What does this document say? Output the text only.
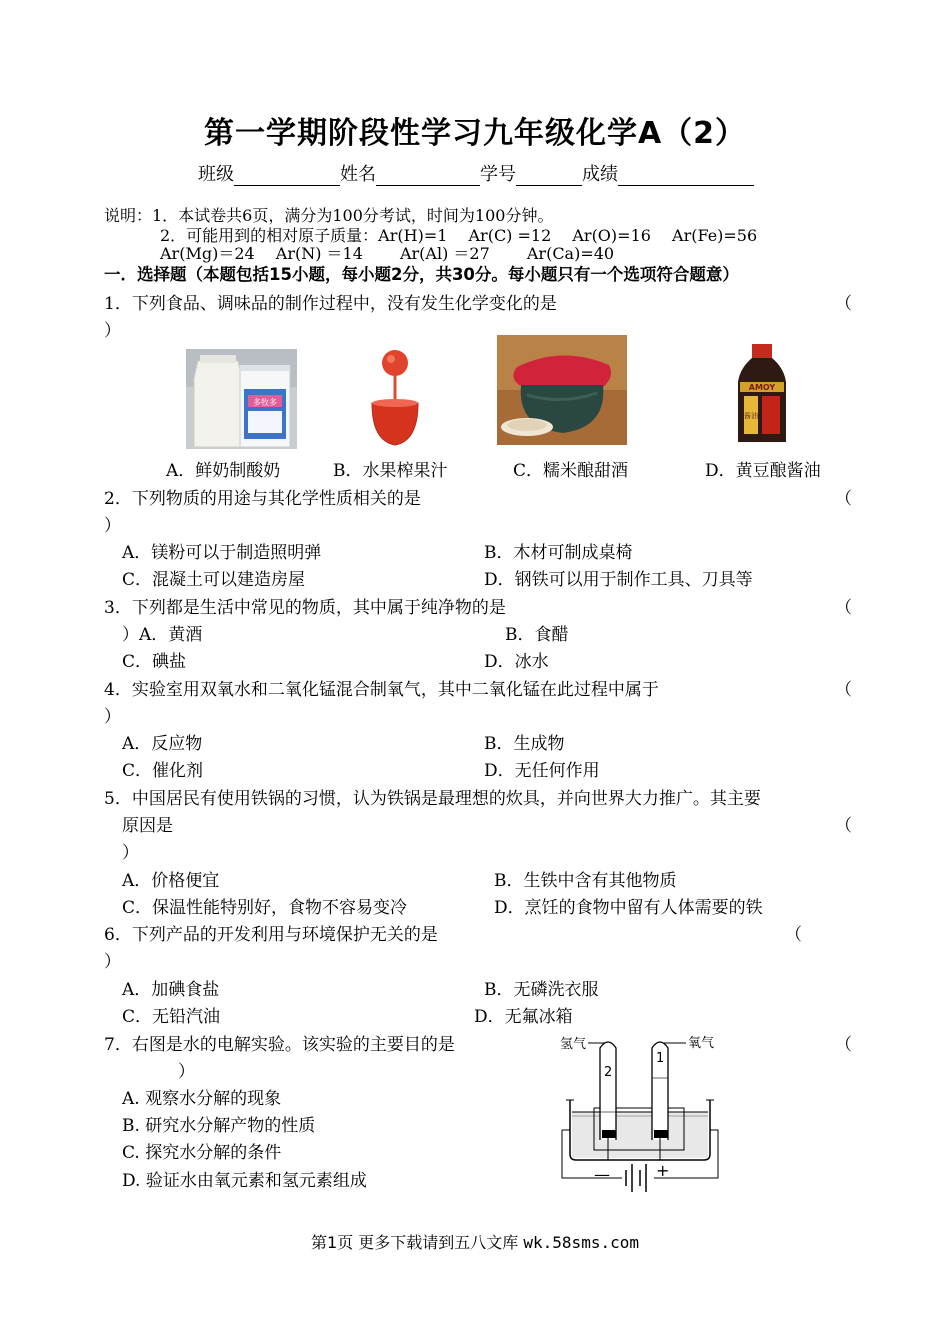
第一学期阶段性学习九年级化学A（2）
班级	姓名	学号	成绩
说明：1．本试卷共6页，满分为100分考试，时间为100分钟。
2．可能用到的相对原子质量：Ar(H)=1　 Ar(C) =12　 Ar(O)=16　 Ar(Fe)=56
Ar(Mg)＝24　 Ar(N) ＝14　　 Ar(Al) ＝27　　 Ar(Ca)=40
一．选择题（本题包括15小题，每小题2分，共30分。每小题只有一个选项符合题意）
1．下列食品、调味品的制作过程中，没有发生化学变化的是	（
）
多牧多
AMOY
酱油
A．鲜奶制酸奶	B．水果榨果汁	C．糯米酿甜酒	D．黄豆酿酱油
2．下列物质的用途与其化学性质相关的是	（
）
A．镁粉可以于制造照明弹	B．木材可制成桌椅
C．混凝土可以建造房屋	D．钢铁可以用于制作工具、刀具等
3．下列都是生活中常见的物质，其中属于纯净物的是	（
）A．黄酒	B．食醋
C．碘盐	D．冰水
4．实验室用双氧水和二氧化锰混合制氧气，其中二氧化锰在此过程中属于	（
）
A．反应物	B．生成物
C．催化剂	D．无任何作用
5．中国居民有使用铁锅的习惯，认为铁锅是最理想的炊具，并向世界大力推广。其主要
原因是	（
）
A．价格便宜	B．生铁中含有其他物质
C．保温性能特别好，食物不容易变冷	D．烹饪的食物中留有人体需要的铁
6．下列产品的开发利用与环境保护无关的是	（
）
A．加碘食盐	B．无磷洗衣服
C．无铅汽油	D．无氟冰箱
7．右图是水的电解实验。该实验的主要目的是	（
）
A. 观察水分解的现象
B. 研究水分解产物的性质
C. 探究水分解的条件
D. 验证水由氧元素和氢元素组成
氢气	氧气
2
1
—	+
第1页 更多下载请到五八文库 wk.58sms.com
